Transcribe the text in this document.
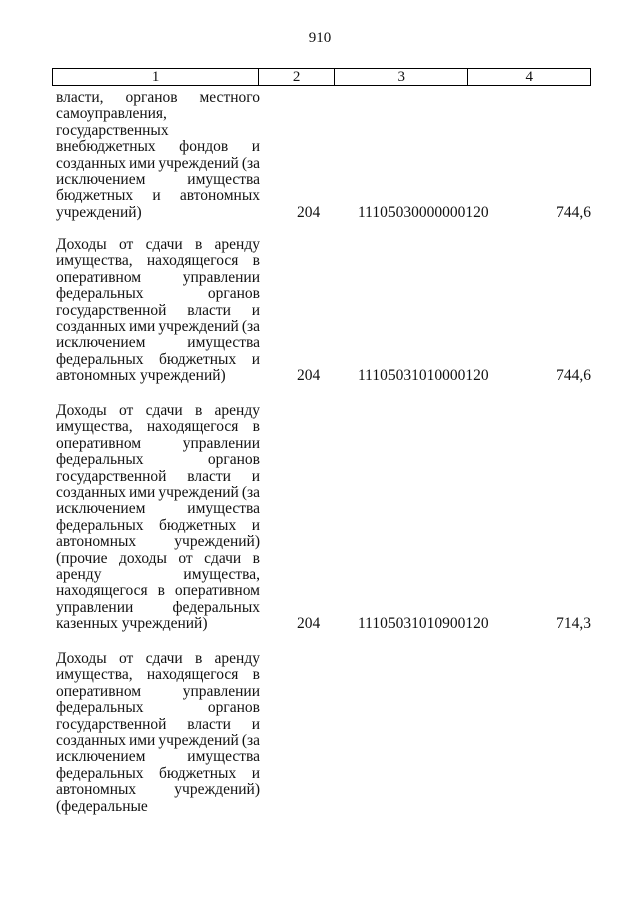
910
1	2	3	4
власти, органов местного
самоуправления,
государственных
внебюджетных фондов и
созданных ими учреждений (за
исключением	имущества
бюджетных и автономных
учреждений)	204 11105030000000120	744,6
Доходы от сдачи в аренду
имущества, находящегося в
оперативном	управлении
федеральных	органов
государственной власти и
созданных ими учреждений (за
исключением	имущества
федеральных бюджетных и
автономных учреждений)	204 11105031010000120	744,6
Доходы от сдачи в аренду
имущества, находящегося в
оперативном	управлении
федеральных	органов
государственной власти и
созданных ими учреждений (за
исключением	имущества
федеральных бюджетных и
автономных учреждений)
(прочие доходы от сдачи в
аренду	имущества,
находящегося в оперативном
управлении	федеральных
казенных учреждений)	204 11105031010900120	714,3
Доходы от сдачи в аренду
имущества, находящегося в
оперативном	управлении
федеральных	органов
государственной власти и
созданных ими учреждений (за
исключением	имущества
федеральных бюджетных и
автономных учреждений)
(федеральные
